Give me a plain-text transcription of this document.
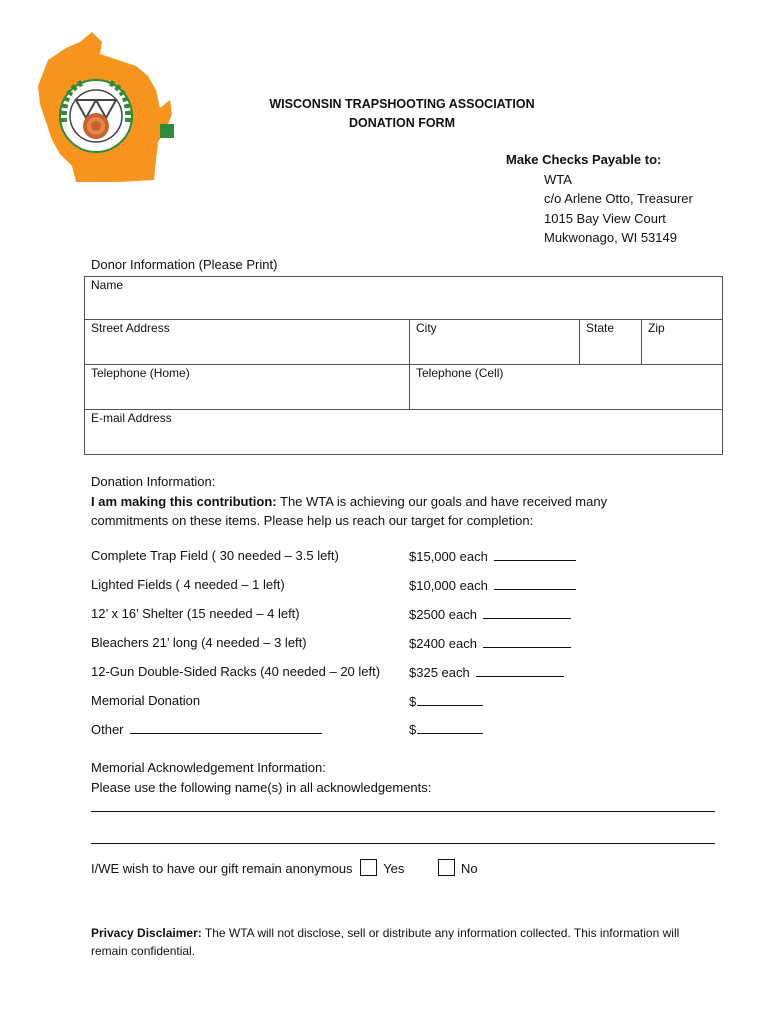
WISCONSIN TRAPSHOOTING ASSOCIATION
DONATION FORM
Make Checks Payable to:
WTA
c/o Arlene Otto, Treasurer
1015 Bay View Court
Mukwonago, WI 53149
Donor Information (Please Print)
Name			
Street Address	City	State	Zip
Telephone (Home)	Telephone (Cell)		
E-mail Address			
Donation Information:
I am making this contribution: The WTA is achieving our goals and have received many
commitments on these items. Please help us reach our target for completion:
Complete Trap Field ( 30 needed – 3.5 left)	$15,000 each
Lighted Fields ( 4 needed – 1 left)	$10,000 each
12’ x 16’ Shelter (15 needed – 4 left)	$2500 each
Bleachers 21’ long (4 needed – 3 left)	$2400 each
12-Gun Double-Sided Racks (40 needed – 20 left) $325 each
Memorial Donation	$
Other	$
Memorial Acknowledgement Information:
Please use the following name(s) in all acknowledgements:
I/WE wish to have our gift remain anonymous Yes	No
Privacy Disclaimer: The WTA will not disclose, sell or distribute any information collected. This information will remain confidential.
